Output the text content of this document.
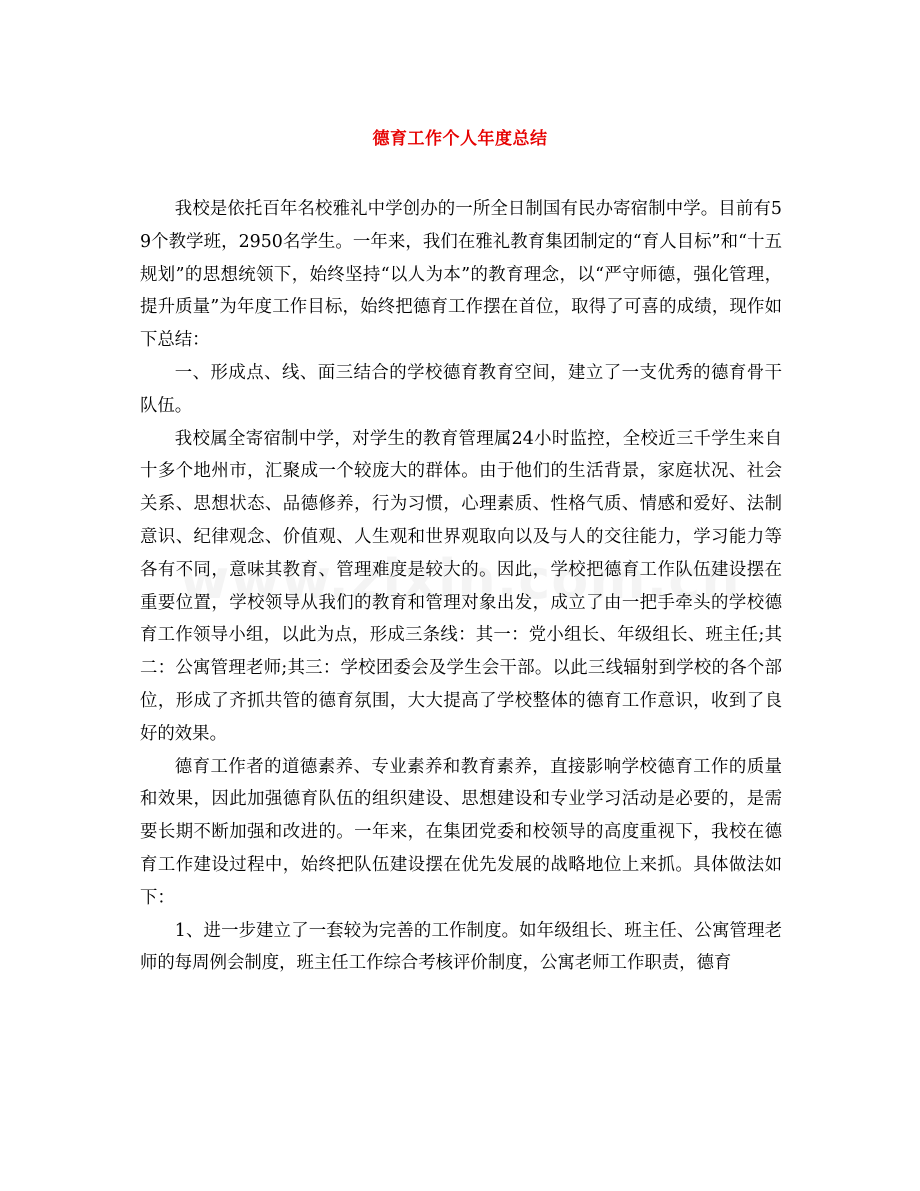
德育工作个人年度总结

我校是依托百年名校雅礼中学创办的一所全日制国有民办寄宿制中学。目前有59个教学班，2950名学生。一年来，我们在雅礼教育集团制定的“育人目标”和“十五规划”的思想统领下，始终坚持“以人为本”的教育理念，以“严守师德，强化管理，提升质量”为年度工作目标，始终把德育工作摆在首位，取得了可喜的成绩，现作如下总结：

一、形成点、线、面三结合的学校德育教育空间，建立了一支优秀的德育骨干队伍。

我校属全寄宿制中学，对学生的教育管理属24小时监控，全校近三千学生来自十多个地州市，汇聚成一个较庞大的群体。由于他们的生活背景，家庭状况、社会关系、思想状态、品德修养，行为习惯，心理素质、性格气质、情感和爱好、法制意识、纪律观念、价值观、人生观和世界观取向以及与人的交往能力，学习能力等各有不同，意味其教育、管理难度是较大的。因此，学校把德育工作队伍建设摆在重要位置，学校领导从我们的教育和管理对象出发，成立了由一把手牵头的学校德育工作领导小组，以此为点，形成三条线：其一：党小组长、年级组长、班主任;其二：公寓管理老师;其三：学校团委会及学生会干部。以此三线辐射到学校的各个部位，形成了齐抓共管的德育氛围，大大提高了学校整体的德育工作意识，收到了良好的效果。

德育工作者的道德素养、专业素养和教育素养，直接影响学校德育工作的质量和效果，因此加强德育队伍的组织建设、思想建设和专业学习活动是必要的，是需要长期不断加强和改进的。一年来，在集团党委和校领导的高度重视下，我校在德育工作建设过程中，始终把队伍建设摆在优先发展的战略地位上来抓。具体做法如下：

1、进一步建立了一套较为完善的工作制度。如年级组长、班主任、公寓管理老师的每周例会制度，班主任工作综合考核评价制度，公寓老师工作职责，德育
